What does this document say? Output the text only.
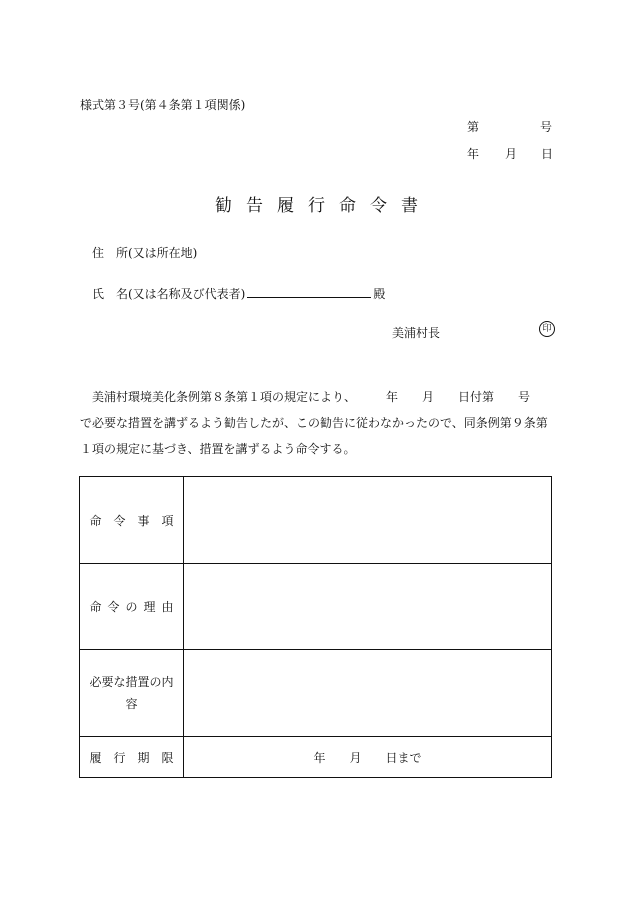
様式第３号(第４条第１項関係)
第	号
年 月 日
勧告履行命令書
住　所(又は所在地)
氏　名(又は名称及び代表者)	殿
美浦村長	印
美浦村環境美化条例第８条第１項の規定により、　　　年　　月　　日付第　　号
で必要な措置を講ずるよう勧告したが、この勧告に従わなかったので、同条例第９条第
１項の規定に基づき、措置を講ずるよう命令する。
命令事項
命令の理由
必要な措置の内容
履行期限	年　　月　　日まで
